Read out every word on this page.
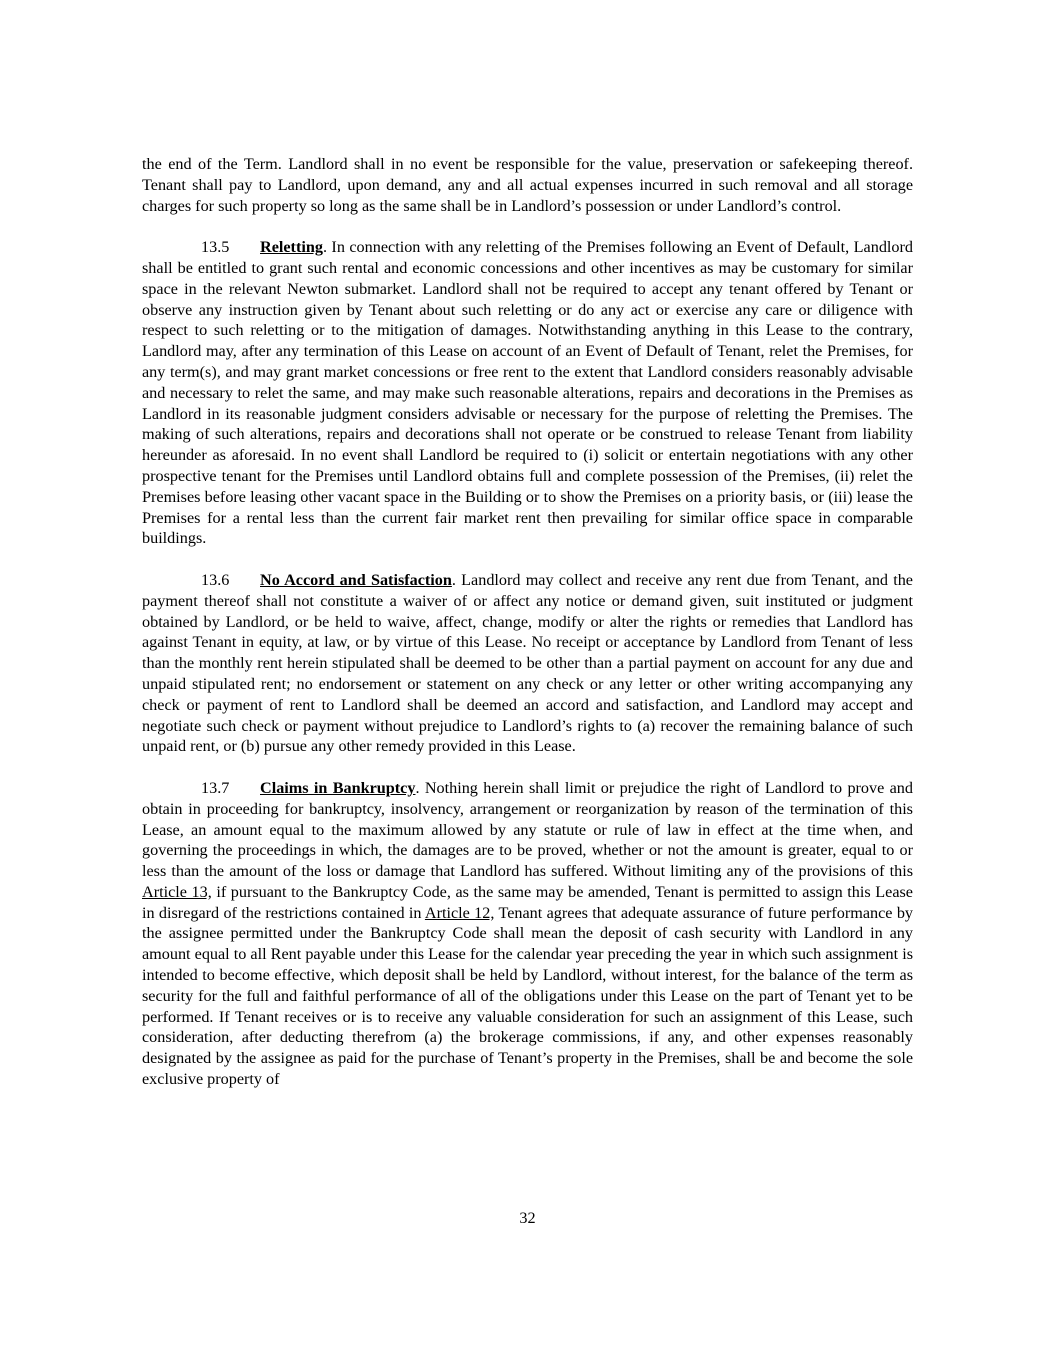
the end of the Term. Landlord shall in no event be responsible for the value, preservation or safekeeping thereof. Tenant shall pay to Landlord, upon demand, any and all actual expenses incurred in such removal and all storage charges for such property so long as the same shall be in Landlord’s possession or under Landlord’s control.

13.5 Reletting. In connection with any reletting of the Premises following an Event of Default, Landlord shall be entitled to grant such rental and economic concessions and other incentives as may be customary for similar space in the relevant Newton submarket. Landlord shall not be required to accept any tenant offered by Tenant or observe any instruction given by Tenant about such reletting or do any act or exercise any care or diligence with respect to such reletting or to the mitigation of damages. Notwithstanding anything in this Lease to the contrary, Landlord may, after any termination of this Lease on account of an Event of Default of Tenant, relet the Premises, for any term(s), and may grant market concessions or free rent to the extent that Landlord considers reasonably advisable and necessary to relet the same, and may make such reasonable alterations, repairs and decorations in the Premises as Landlord in its reasonable judgment considers advisable or necessary for the purpose of reletting the Premises. The making of such alterations, repairs and decorations shall not operate or be construed to release Tenant from liability hereunder as aforesaid. In no event shall Landlord be required to (i) solicit or entertain negotiations with any other prospective tenant for the Premises until Landlord obtains full and complete possession of the Premises, (ii) relet the Premises before leasing other vacant space in the Building or to show the Premises on a priority basis, or (iii) lease the Premises for a rental less than the current fair market rent then prevailing for similar office space in comparable buildings.

13.6 No Accord and Satisfaction. Landlord may collect and receive any rent due from Tenant, and the payment thereof shall not constitute a waiver of or affect any notice or demand given, suit instituted or judgment obtained by Landlord, or be held to waive, affect, change, modify or alter the rights or remedies that Landlord has against Tenant in equity, at law, or by virtue of this Lease. No receipt or acceptance by Landlord from Tenant of less than the monthly rent herein stipulated shall be deemed to be other than a partial payment on account for any due and unpaid stipulated rent; no endorsement or statement on any check or any letter or other writing accompanying any check or payment of rent to Landlord shall be deemed an accord and satisfaction, and Landlord may accept and negotiate such check or payment without prejudice to Landlord’s rights to (a) recover the remaining balance of such unpaid rent, or (b) pursue any other remedy provided in this Lease.

13.7 Claims in Bankruptcy. Nothing herein shall limit or prejudice the right of Landlord to prove and obtain in proceeding for bankruptcy, insolvency, arrangement or reorganization by reason of the termination of this Lease, an amount equal to the maximum allowed by any statute or rule of law in effect at the time when, and governing the proceedings in which, the damages are to be proved, whether or not the amount is greater, equal to or less than the amount of the loss or damage that Landlord has suffered. Without limiting any of the provisions of this Article 13, if pursuant to the Bankruptcy Code, as the same may be amended, Tenant is permitted to assign this Lease in disregard of the restrictions contained in Article 12, Tenant agrees that adequate assurance of future performance by the assignee permitted under the Bankruptcy Code shall mean the deposit of cash security with Landlord in any amount equal to all Rent payable under this Lease for the calendar year preceding the year in which such assignment is intended to become effective, which deposit shall be held by Landlord, without interest, for the balance of the term as security for the full and faithful performance of all of the obligations under this Lease on the part of Tenant yet to be performed. If Tenant receives or is to receive any valuable consideration for such an assignment of this Lease, such consideration, after deducting therefrom (a) the brokerage commissions, if any, and other expenses reasonably designated by the assignee as paid for the purchase of Tenant’s property in the Premises, shall be and become the sole exclusive property of

32
